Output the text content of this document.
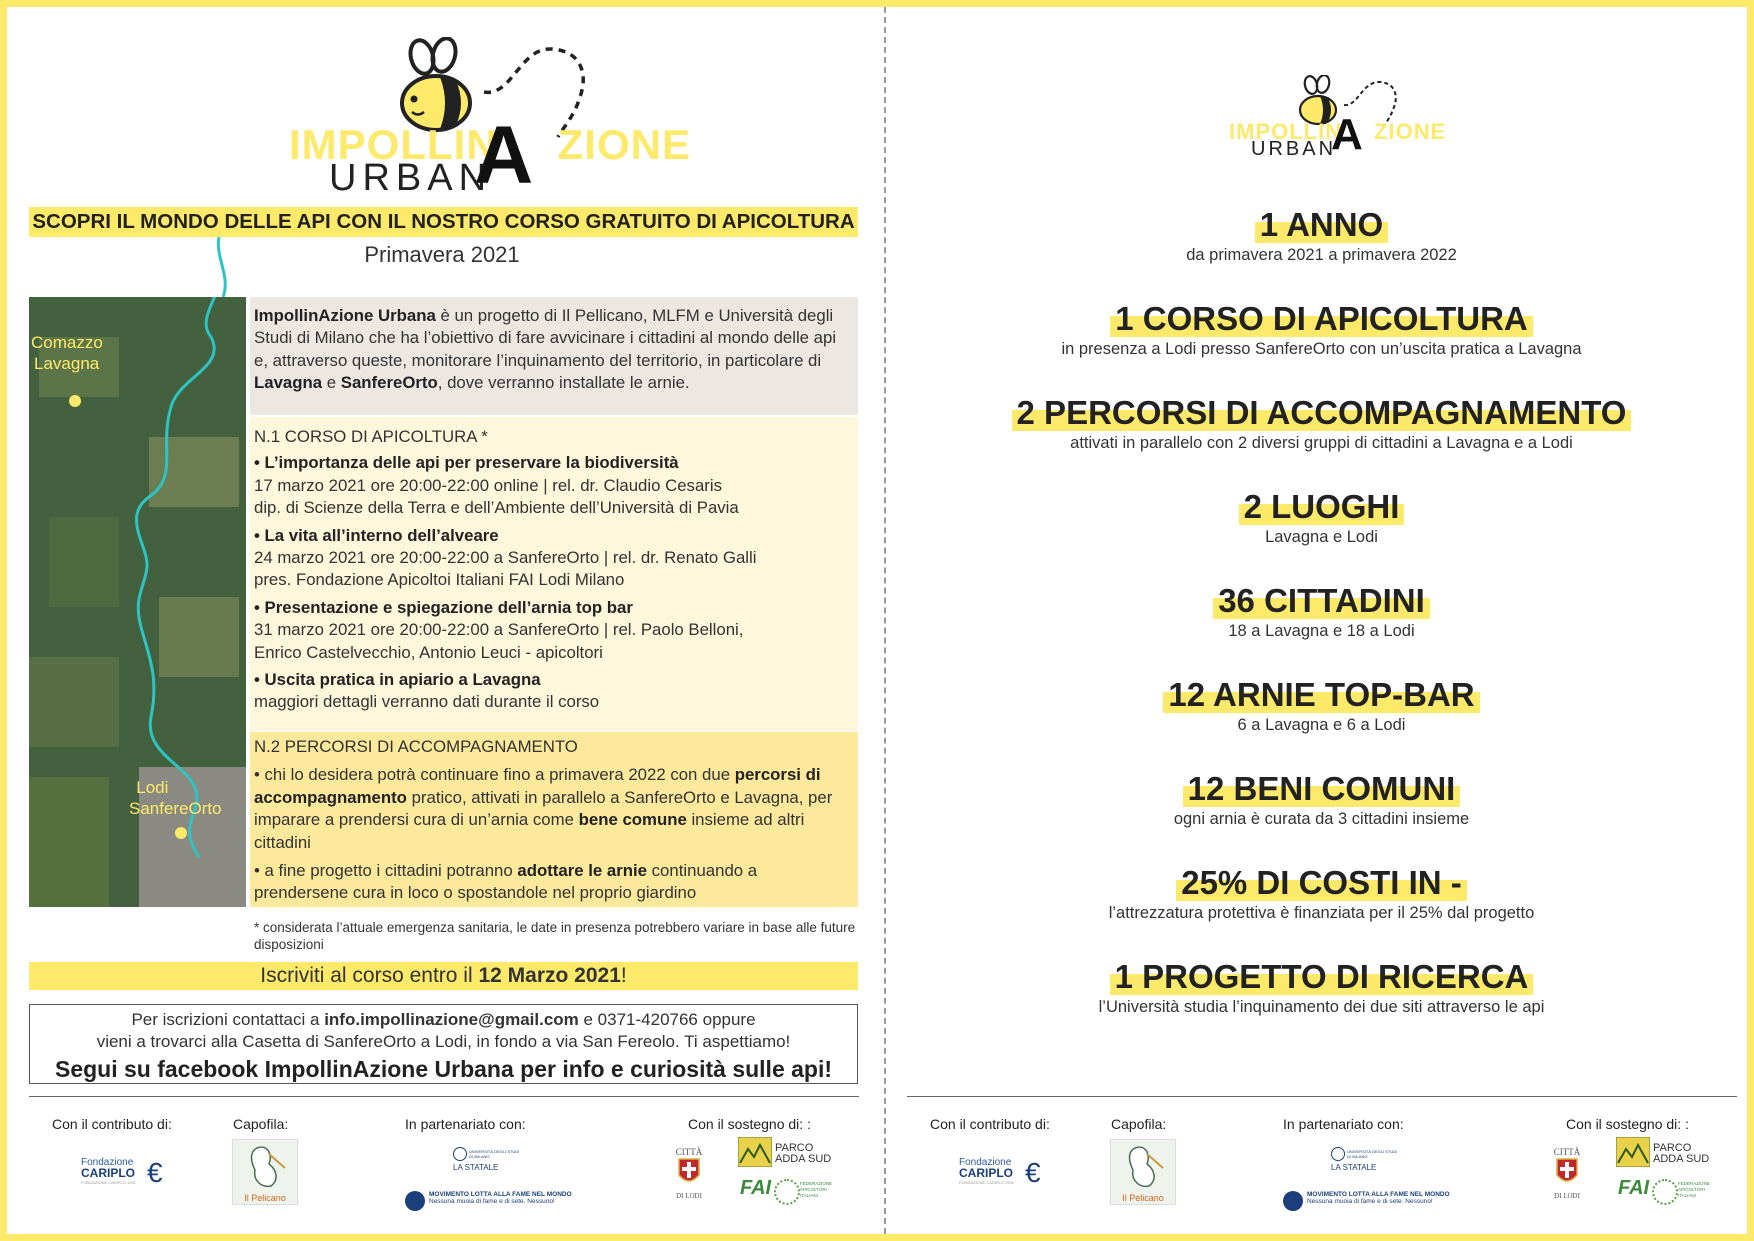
IMPOLLIN ZIONE
URBAN
A
SCOPRI IL MONDO DELLE API CON IL NOSTRO CORSO GRATUITO DI APICOLTURA
Primavera 2021
Comazzo
Lavagna
Lodi
SanfereOrto

ImpollinAzione Urbana è un progetto di Il Pellicano, MLFM e Università degli Studi di Milano che ha l’obiettivo di fare avvicinare i cittadini al mondo delle api e, attraverso queste, monitorare l’inquinamento del territorio, in particolare di Lavagna e SanfereOrto, dove verranno installate le arnie.

N.1 CORSO DI APICOLTURA *

• L’importanza delle api per preservare la biodiversità

17 marzo 2021 ore 20:00-22:00 online | rel. dr. Claudio Cesaris

dip. di Scienze della Terra e dell’Ambiente dell’Università di Pavia

• La vita all’interno dell’alveare

24 marzo 2021 ore 20:00-22:00 a SanfereOrto | rel. dr. Renato Galli

pres. Fondazione Apicoltoi Italiani FAI Lodi Milano

• Presentazione e spiegazione dell’arnia top bar

31 marzo 2021 ore 20:00-22:00 a SanfereOrto | rel. Paolo Belloni,

Enrico Castelvecchio, Antonio Leuci - apicoltori

• Uscita pratica in apiario a Lavagna

maggiori dettagli verranno dati durante il corso

N.2 PERCORSI DI ACCOMPAGNAMENTO

• chi lo desidera potrà continuare fino a primavera 2022 con due percorsi di accompagnamento pratico, attivati in parallelo a SanfereOrto e Lavagna, per imparare a prendersi cura di un’arnia come bene comune insieme ad altri cittadini

• a fine progetto i cittadini potranno adottare le arnie continuando a prendersene cura in loco o spostandole nel proprio giardino

* considerata l’attuale emergenza sanitaria, le date in presenza potrebbero variare in base alle future disposizioni
Iscriviti al corso entro il 12 Marzo 2021!
Per iscrizioni contattaci a info.impollinazione@gmail.com e 0371-420766 oppure
vieni a trovarci alla Casetta di SanfereOrto a Lodi, in fondo a via San Fereolo. Ti aspettiamo!
Segui su facebook ImpollinAzione Urbana per info e curiosità sulle api!
Con il contributo di:	Capofila:	In partenariato con:	Con il sostegno di: :
Fondazione
CARIPLO
FONDAZIONE CARIPLO 1991 €
Il Pelicano
UNIVERSITÀ DEGLI STUDI DI MILANO
LA STATALE
MOVIMENTO LOTTA ALLA FAME NEL MONDO
Nessuna muoia di fame e di sete. Nessuno!
CITTÀ
DI LODI
PARCO
ADDA SUD
FAI	FEDERAZIONE APICOLTORI ITALIANI
IMPOLLIN ZIONE
URBAN
A
1 ANNO
da primavera 2021 a primavera 2022
1 CORSO DI APICOLTURA
in presenza a Lodi presso SanfereOrto con un’uscita pratica a Lavagna
2 PERCORSI DI ACCOMPAGNAMENTO
attivati in parallelo con 2 diversi gruppi di cittadini a Lavagna e a Lodi
2 LUOGHI
Lavagna e Lodi
36 CITTADINI
18 a Lavagna e 18 a Lodi
12 ARNIE TOP-BAR
6 a Lavagna e 6 a Lodi
12 BENI COMUNI
ogni arnia è curata da 3 cittadini insieme
25% DI COSTI IN -
l’attrezzatura protettiva è finanziata per il 25% dal progetto
1 PROGETTO DI RICERCA
l’Università studia l’inquinamento dei due siti attraverso le api
Con il contributo di:	Capofila:	In partenariato con:	Con il sostegno di: :
Fondazione
CARIPLO
FONDAZIONE CARIPLO 1991 €
Il Pelicano
UNIVERSITÀ DEGLI STUDI DI MILANO
LA STATALE
MOVIMENTO LOTTA ALLA FAME NEL MONDO
Nessuna muoia di fame e di sete. Nessuno!
CITTÀ
DI LODI
PARCO
ADDA SUD
FAI	FEDERAZIONE APICOLTORI ITALIANI
